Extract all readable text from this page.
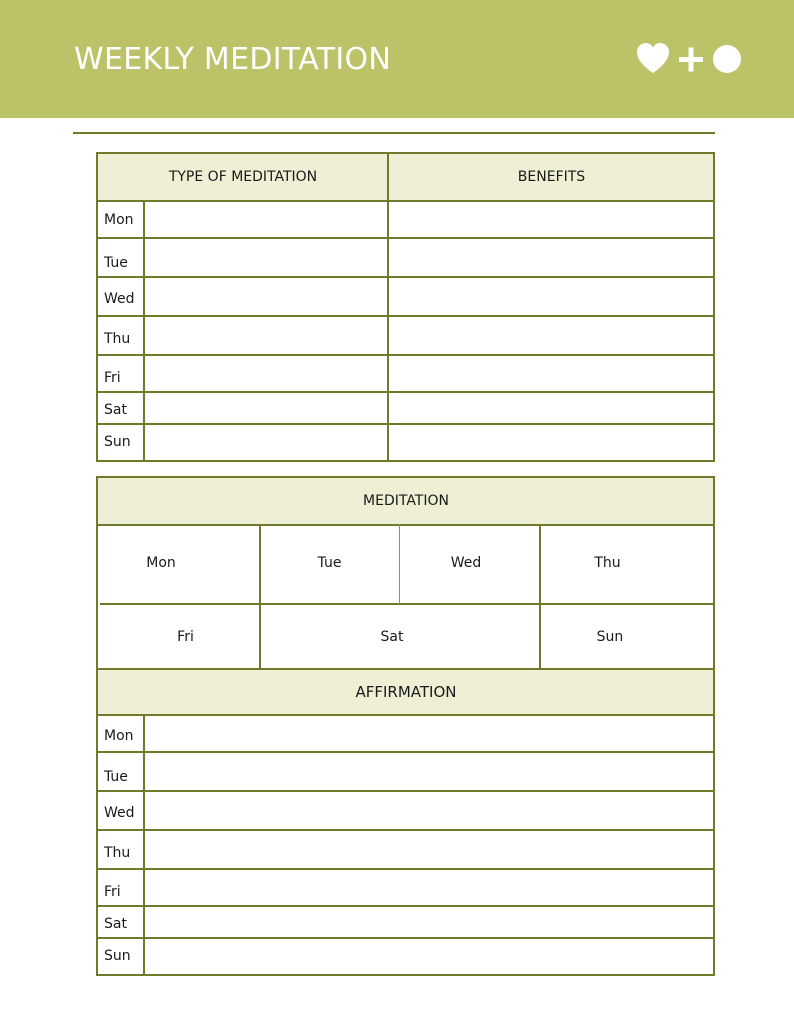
WEEKLY MEDITATION
TYPE OF MEDITATION	BENEFITS
Mon
Tue
Wed
Thu
Fri
Sat
Sun
MEDITATION
Mon	Tue	Wed	Thu
Fri	Sat	Sun
AFFIRMATION
Mon
Tue
Wed
Thu
Fri
Sat
Sun
